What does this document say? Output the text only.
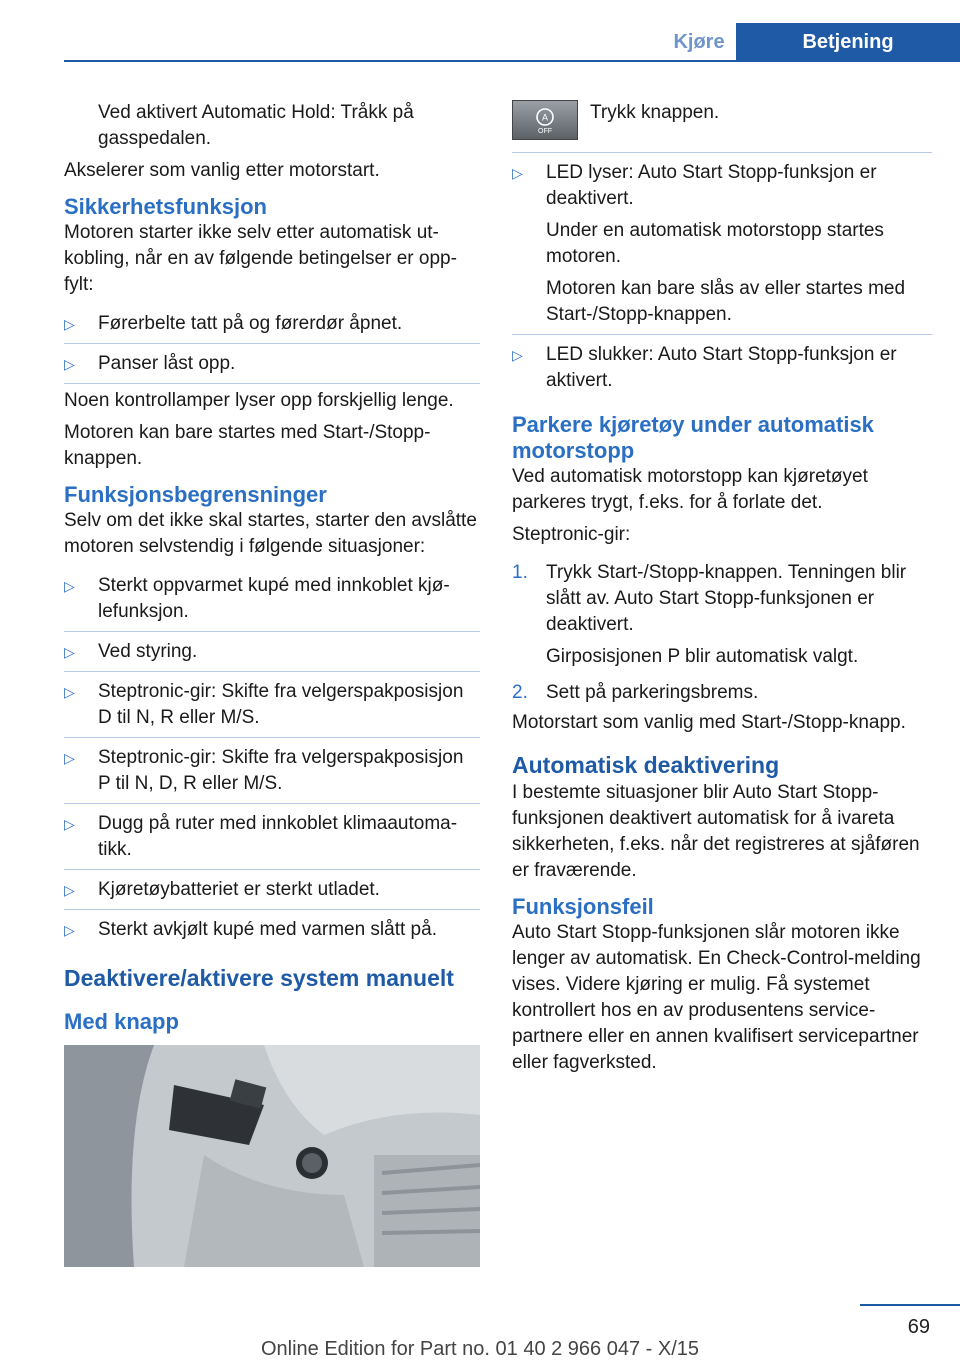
Kjøre	Betjening

Ved aktivert Automatic Hold: Tråkk på gasspedalen.

Akselerer som vanlig etter motorstart.

Sikkerhetsfunksjon

Motoren starter ikke selv etter automatisk utkobling, når en av følgende betingelser er oppfylt:

▷	Førerbelte tatt på og førerdør åpnet.
▷	Panser låst opp.

Noen kontrollamper lyser opp forskjellig lenge.

Motoren kan bare startes med Start-/Stopp-knappen.

Funksjonsbegrensninger

Selv om det ikke skal startes, starter den avslåtte motoren selvstendig i følgende situasjoner:

▷	Sterkt oppvarmet kupé med innkoblet kjølefunksjon.
▷	Ved styring.
▷	Steptronic-gir: Skifte fra velgerspakposisjon D til N, R eller M/S.
▷	Steptronic-gir: Skifte fra velgerspakposisjon P til N, D, R eller M/S.
▷	Dugg på ruter med innkoblet klimaautomatikk.
▷	Kjøretøybatteriet er sterkt utladet.
▷	Sterkt avkjølt kupé med varmen slått på.
Deaktivere/aktivere system manuelt
Med knapp
A
OFF
Trykk knappen.
▷	LED lyser: Auto Start Stopp-funksjon er deaktivert.

Under en automatisk motorstopp startes motoren.

Motoren kan bare slås av eller startes med Start-/Stopp-knappen.

▷	LED slukker: Auto Start Stopp-funksjon er aktivert.
Parkere kjøretøy under automatisk motorstopp

Ved automatisk motorstopp kan kjøretøyet parkeres trygt, f.eks. for å forlate det.

Steptronic-gir:

1. Trykk Start-/Stopp-knappen. Tenningen blir slått av. Auto Start Stopp-funksjonen er deaktivert.

Girposisjonen P blir automatisk valgt.

2. Sett på parkeringsbrems.

Motorstart som vanlig med Start-/Stopp-knapp.

Automatisk deaktivering

I bestemte situasjoner blir Auto Start Stopp-funksjonen deaktivert automatisk for å ivareta sikkerheten, f.eks. når det registreres at sjåføren er fraværende.

Funksjonsfeil

Auto Start Stopp-funksjonen slår motoren ikke lenger av automatisk. En Check-Control-melding vises. Videre kjøring er mulig. Få systemet kontrollert hos en av produsentens servicepartnere eller en annen kvalifisert servicepartner eller fagverksted.

69
Online Edition for Part no. 01 40 2 966 047 - X/15
